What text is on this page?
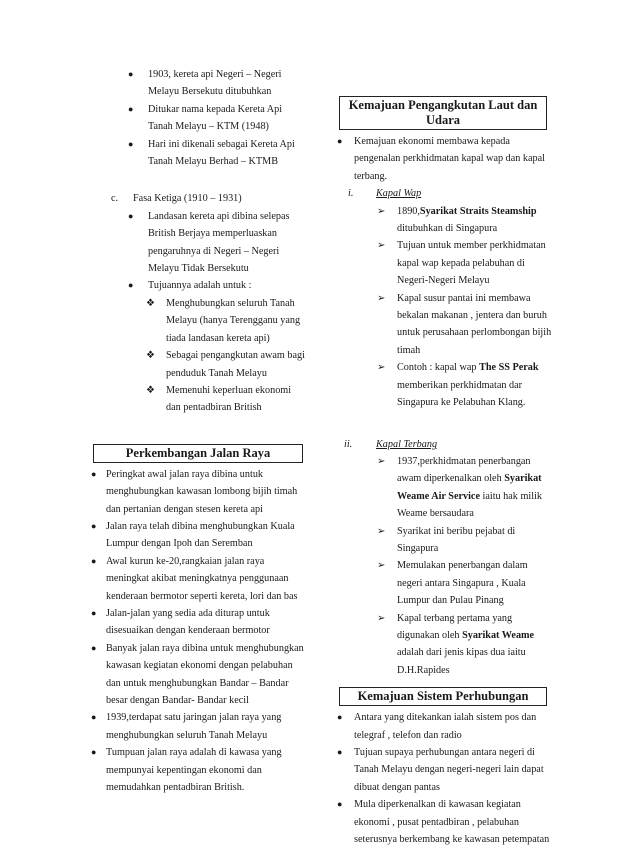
● 1903, kereta api Negeri – Negeri Melayu Bersekutu ditubuhkan
● Ditukar nama kepada Kereta Api Tanah Melayu – KTM (1948)
● Hari ini dikenali sebagai Kereta Api Tanah Melayu Berhad – KTMB
c. Fasa Ketiga (1910 – 1931)
● Landasan kereta api dibina selepas British Berjaya memperluaskan pengaruhnya di Negeri – Negeri Melayu Tidak Bersekutu
● Tujuannya adalah untuk :
❖ Menghubungkan seluruh Tanah Melayu (hanya Terengganu yang tiada landasan kereta api)
❖ Sebagai pengangkutan awam bagi penduduk Tanah Melayu
❖ Memenuhi keperluan ekonomi dan pentadbiran British
Perkembangan Jalan Raya
● Peringkat awal jalan raya dibina untuk menghubungkan kawasan lombong bijih timah dan pertanian dengan stesen kereta api
● Jalan raya telah dibina menghubungkan Kuala Lumpur dengan Ipoh dan Seremban
● Awal kurun ke-20,rangkaian jalan raya meningkat akibat meningkatnya penggunaan kenderaan bermotor seperti kereta, lori dan bas
● Jalan-jalan yang sedia ada diturap untuk disesuaikan dengan kenderaan bermotor
● Banyak jalan raya dibina untuk menghubungkan kawasan kegiatan ekonomi dengan pelabuhan dan untuk menghubungkan Bandar – Bandar besar dengan Bandar- Bandar kecil
● 1939,terdapat satu jaringan jalan raya yang menghubungkan seluruh Tanah Melayu
● Tumpuan jalan raya adalah di kawasa yang mempunyai kepentingan ekonomi dan memudahkan pentadbiran British.
Kemajuan Pengangkutan Laut dan Udara
● Kemajuan ekonomi membawa kepada pengenalan perkhidmatan kapal wap dan kapal terbang.
i. Kapal Wap
➢ 1890,Syarikat Straits Steamship ditubuhkan di Singapura
➢ Tujuan untuk member perkhidmatan kapal wap kepada pelabuhan di Negeri-Negeri Melayu
➢ Kapal susur pantai ini membawa bekalan makanan , jentera dan buruh untuk perusahaan perlombongan bijih timah
➢ Contoh : kapal wap The SS Perak memberikan perkhidmatan dar Singapura ke Pelabuhan Klang.
ii. Kapal Terbang
➢ 1937,perkhidmatan penerbangan awam diperkenalkan oleh Syarikat Weame Air Service iaitu hak milik Weame bersaudara
➢ Syarikat ini beribu pejabat di Singapura
➢ Memulakan penerbangan dalam negeri antara Singapura , Kuala Lumpur dan Pulau Pinang
➢ Kapal terbang pertama yang digunakan oleh Syarikat Weame adalah dari jenis kipas dua iaitu D.H.Rapides
Kemajuan Sistem Perhubungan
● Antara yang ditekankan ialah sistem pos dan telegraf , telefon dan radio
● Tujuan supaya perhubungan antara negeri di Tanah Melayu dengan negeri-negeri lain dapat dibuat dengan pantas
● Mula diperkenalkan di kawasan kegiatan ekonomi , pusat pentadbiran , pelabuhan seterusnya berkembang ke kawasan petempatan
